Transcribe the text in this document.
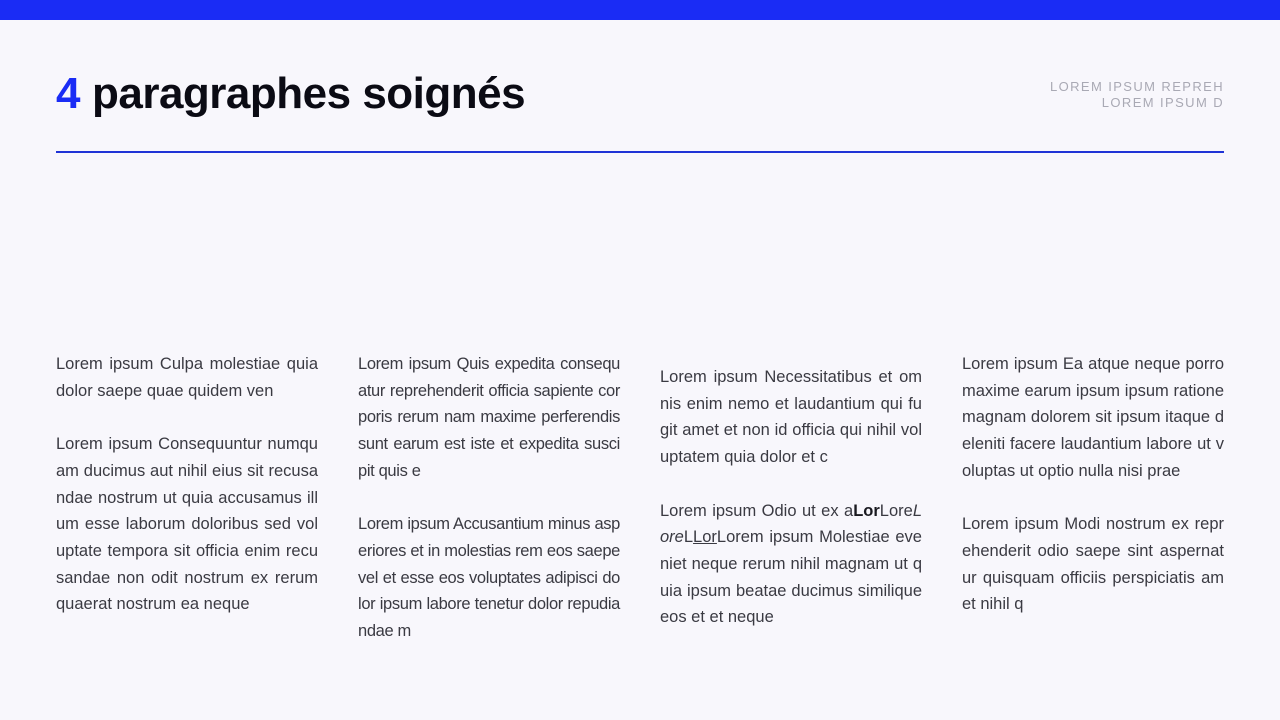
4 paragraphes soignés	LOREM IPSUM REPREH
LOREM IPSUM D

Lorem ipsum Culpa molestiae quia dolor saepe quae quidem ven

Lorem ipsum Consequuntur numquam ducimus aut nihil eius sit recusandae nostrum ut quia accusamus illum esse laborum doloribus sed voluptate tempora sit officia enim recusandae non odit nostrum ex rerum quaerat nostrum ea neque

Lorem ipsum Quis expedita consequatur reprehenderit officia sapiente corporis rerum nam maxime perferendis sunt earum est iste et expedita suscipit quis e

Lorem ipsum Accusantium minus asperiores et in molestias rem eos saepe vel et esse eos voluptates adipisci dolor ipsum labore tenetur dolor repudiandae m

Lorem ipsum Necessitatibus et omnis enim nemo et laudantium qui fugit amet et non id officia qui nihil voluptatem quia dolor et c

Lorem ipsum Odio ut ex aLorLoreLoreLLorLorem ipsum Molestiae eveniet neque rerum nihil magnam ut quia ipsum beatae ducimus similique eos et et neque

Lorem ipsum Ea atque neque porro maxime earum ipsum ipsum ratione magnam dolorem sit ipsum itaque deleniti facere laudantium labore ut voluptas ut optio nulla nisi prae

Lorem ipsum Modi nostrum ex reprehenderit odio saepe sint aspernatur quisquam officiis perspiciatis amet nihil q
